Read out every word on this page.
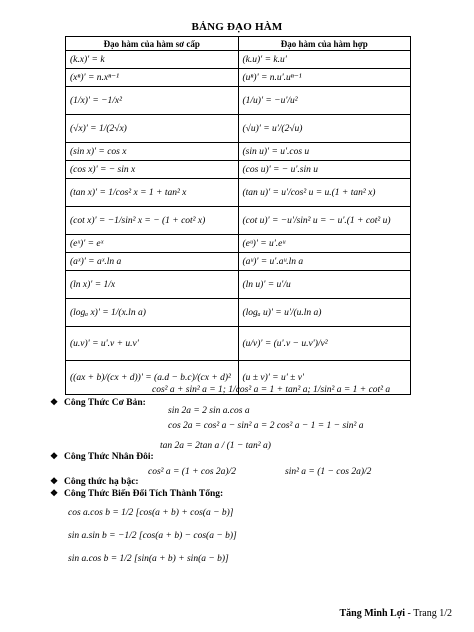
BẢNG ĐẠO HÀM
Đạo hàm của hàm sơ cấp	Đạo hàm của hàm hợp
(k.x)' = k	(k.u)' = k.u'
(xⁿ)' = n.xⁿ⁻¹	(uⁿ)' = n.u'.uⁿ⁻¹
(1/x)' = −1/x²	(1/u)' = −u'/u²
(√x)' = 1/(2√x)	(√u)' = u'/(2√u)
(sin x)' = cos x	(sin u)' = u'.cos u
(cos x)' = − sin x	(cos u)' = − u'.sin u
(tan x)' = 1/cos² x = 1 + tan² x	(tan u)' = u'/cos² u = u.(1 + tan² x)
(cot x)' = −1/sin² x = − (1 + cot² x)	(cot u)' = −u'/sin² u = − u'.(1 + cot² u)
(eˣ)' = eˣ	(eᵘ)' = u'.eᵘ
(aˣ)' = aˣ.ln a	(aᵘ)' = u'.aᵘ.ln a
(ln x)' = 1/x	(ln u)' = u'/u
(logₐ x)' = 1/(x.ln a)	(logₐ u)' = u'/(u.ln a)
(u.v)' = u'.v + u.v'	(u/v)' = (u'.v − u.v')/v²
((ax + b)/(cx + d))' = (a.d − b.c)/(cx + d)²	(u ± v)' = u' ± v'
cos² a + sin² a = 1; 1/cos² a = 1 + tan² a; 1/sin² a = 1 + cot² a
❖ Công Thức Cơ Bản:
sin 2a = 2 sin a.cos a
cos 2a = cos² a − sin² a = 2 cos² a − 1 = 1 − sin² a
tan 2a = 2tan a / (1 − tan² a)
❖ Công Thức Nhân Đôi:
cos² a = (1 + cos 2a)/2	sin² a = (1 − cos 2a)/2
❖ Công thức hạ bậc:
❖ Công Thức Biến Đổi Tích Thành Tổng:
cos a.cos b = 1/2 [cos(a + b) + cos(a − b)]
sin a.sin b = −1/2 [cos(a + b) − cos(a − b)]
sin a.cos b = 1/2 [sin(a + b) + sin(a − b)]
Tăng Minh Lợi - Trang 1/2
